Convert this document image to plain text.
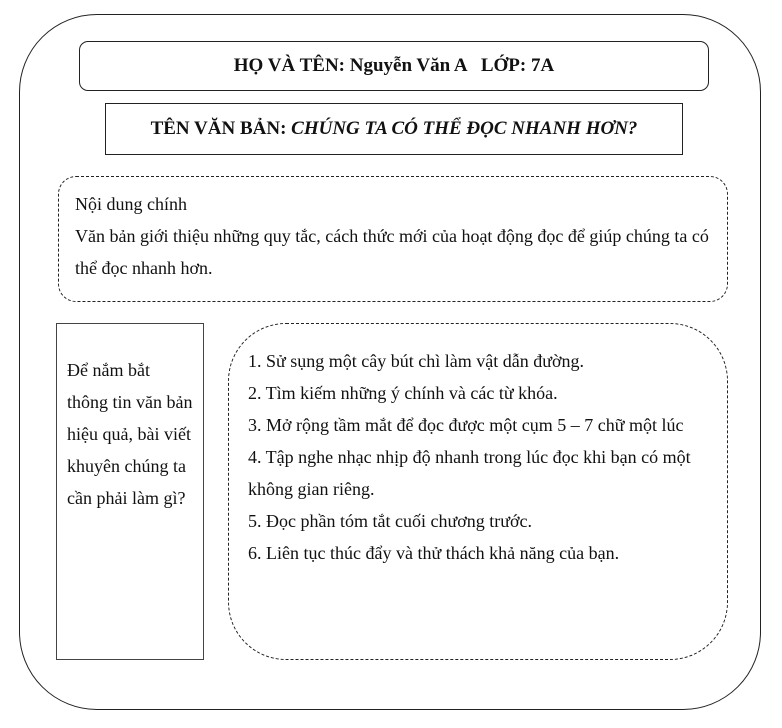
HỌ VÀ TÊN: Nguyễn Văn A   LỚP: 7A
TÊN VĂN BẢN: CHÚNG TA CÓ THỂ ĐỌC NHANH HƠN?

Nội dung chính

Văn bản giới thiệu những quy tắc, cách thức mới của hoạt động đọc để giúp chúng ta có thể đọc nhanh hơn.

Để nắm bắt thông tin văn bản hiệu quả, bài viết khuyên chúng ta cần phải làm gì?

1. Sử sụng một cây bút chì làm vật dẫn đường.

2. Tìm kiếm những ý chính và các từ khóa.

3. Mở rộng tầm mắt để đọc được một cụm 5 – 7 chữ một lúc

4. Tập nghe nhạc nhịp độ nhanh trong lúc đọc khi bạn có một không gian riêng.

5. Đọc phần tóm tắt cuối chương trước.

6. Liên tục thúc đẩy và thử thách khả năng của bạn.
